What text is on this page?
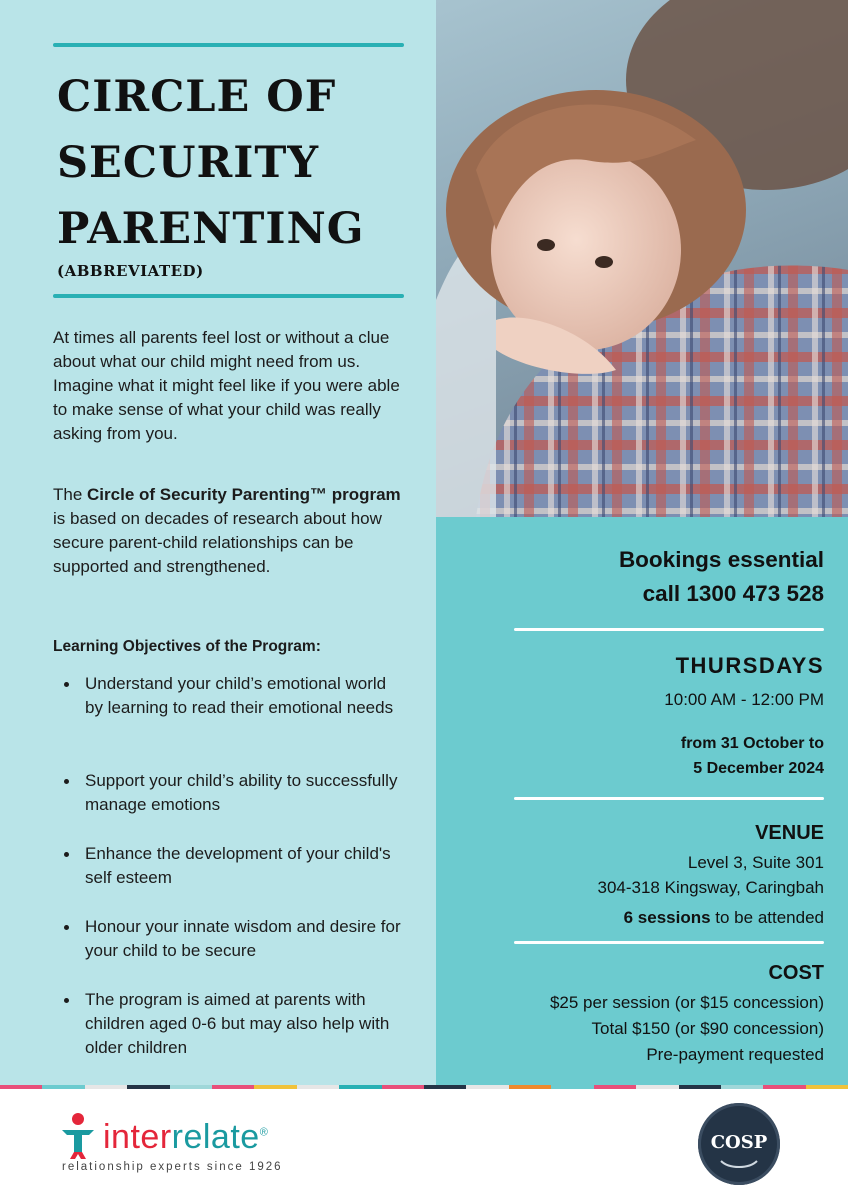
CIRCLE OF
SECURITY
PARENTING
(ABBREVIATED)

At times all parents feel lost or without a clue about what our child might need from us. Imagine what it might feel like if you were able to make sense of what your child was really asking from you.

The Circle of Security Parenting™ program is based on decades of research about how secure parent-child relationships can be supported and strengthened.

Learning Objectives of the Program:
Understand your child’s emotional world by learning to read their emotional needs
Support your child’s ability to successfully manage emotions
Enhance the development of your child's self esteem
Honour your innate wisdom and desire for your child to be secure
The program is aimed at parents with children aged 0-6 but may also help with older children
Bookings essential
call 1300 473 528
THURSDAYS
10:00 AM - 12:00 PM
from 31 October to
5 December 2024
VENUE
Level 3, Suite 301
304-318 Kingsway, Caringbah
6 sessions to be attended
COST
$25 per session (or $15 concession)
Total $150 (or $90 concession)
Pre-payment requested
interrelate®
relationship experts since 1926
COSP
